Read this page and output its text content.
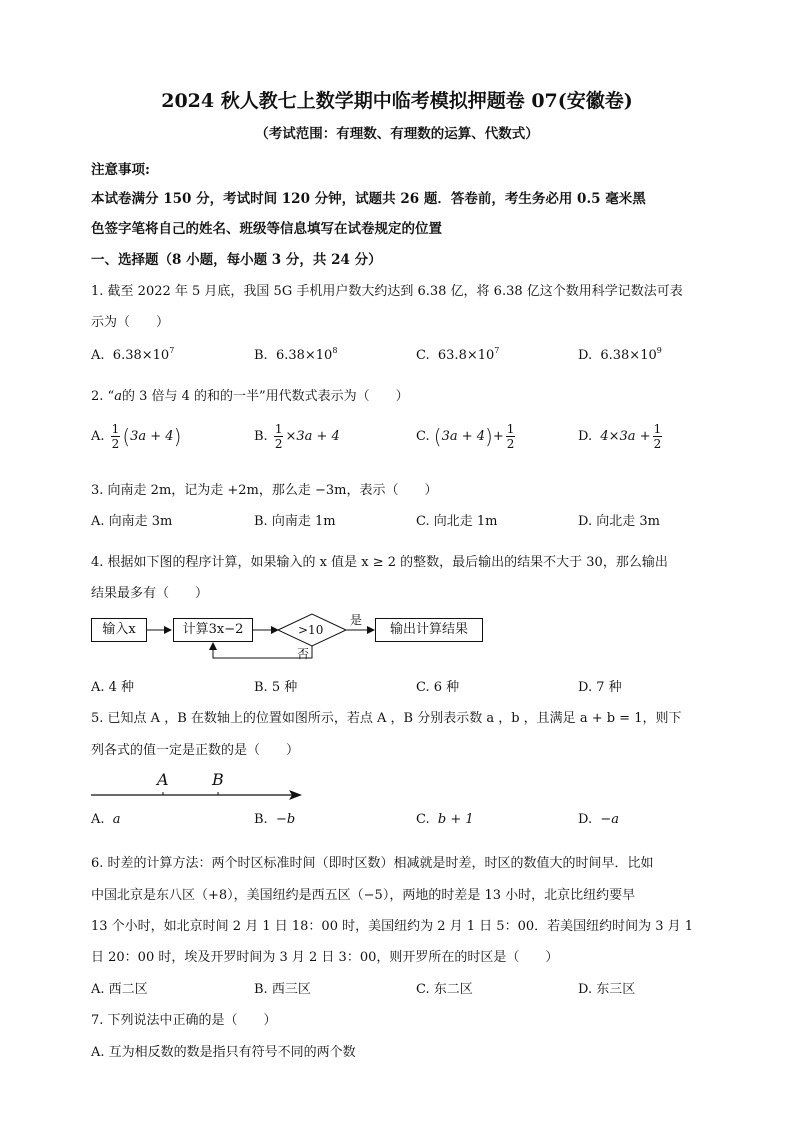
2024 秋人教七上数学期中临考模拟押题卷 07(安徽卷)
（考试范围：有理数、有理数的运算、代数式）
注意事项:
本试卷满分 150 分，考试时间 120 分钟，试题共 26 题．答卷前，考生务必用 0.5 毫米黑
色签字笔将自己的姓名、班级等信息填写在试卷规定的位置
一、选择题（8 小题，每小题 3 分，共 24 分）
1. 截至 2022 年 5 月底，我国 5G 手机用户数大约达到 6.38 亿，将 6.38 亿这个数用科学记数法可表
示为（　　）
A. $6.38\times 10^7$	B. $6.38\times 10^8$	C. $63.8\times 10^7$	D. $6.38\times 10^9$
2. “a的 3 倍与 4 的和的一半”用代数式表示为（　　）
A. $\frac{1}{2} (3a + 4)$	B. $\frac{1}{2} \times 3a + 4$	C. $(3a + 4)+ \frac{1}{2}$	D. $4\times 3a + \frac{1}{2}$
3. 向南走 2m，记为走 +2m，那么走 −3m，表示（　　）
A. 向南走 3m	B. 向南走 1m	C. 向北走 1m	D. 向北走 3m
4. 根据如下图的程序计算，如果输入的 x 值是 x ≥ 2 的整数，最后输出的结果不大于 30，那么输出
结果最多有（　　）
输入x	计算3x−2	>10
是
否
输出计算结果
A. 4 种	B. 5 种	C. 6 种	D. 7 种
5. 已知点 A ，B 在数轴上的位置如图所示，若点 A ，B 分别表示数 a ，b ，且满足 a + b = 1，则下
列各式的值一定是正数的是（　　）
A	B
A. a	B. −b	C. b + 1	D. −a
6. 时差的计算方法：两个时区标准时间（即时区数）相减就是时差，时区的数值大的时间早．比如
中国北京是东八区（+8），美国纽约是西五区（−5），两地的时差是 13 小时，北京比纽约要早
13 个小时，如北京时间 2 月 1 日 18：00 时，美国纽约为 2 月 1 日 5：00．若美国纽约时间为 3 月 1
日 20：00 时，埃及开罗时间为 3 月 2 日 3：00，则开罗所在的时区是（　　）
A. 西二区	B. 西三区	C. 东二区	D. 东三区
7. 下列说法中正确的是（　　）
A. 互为相反数的数是指只有符号不同的两个数
